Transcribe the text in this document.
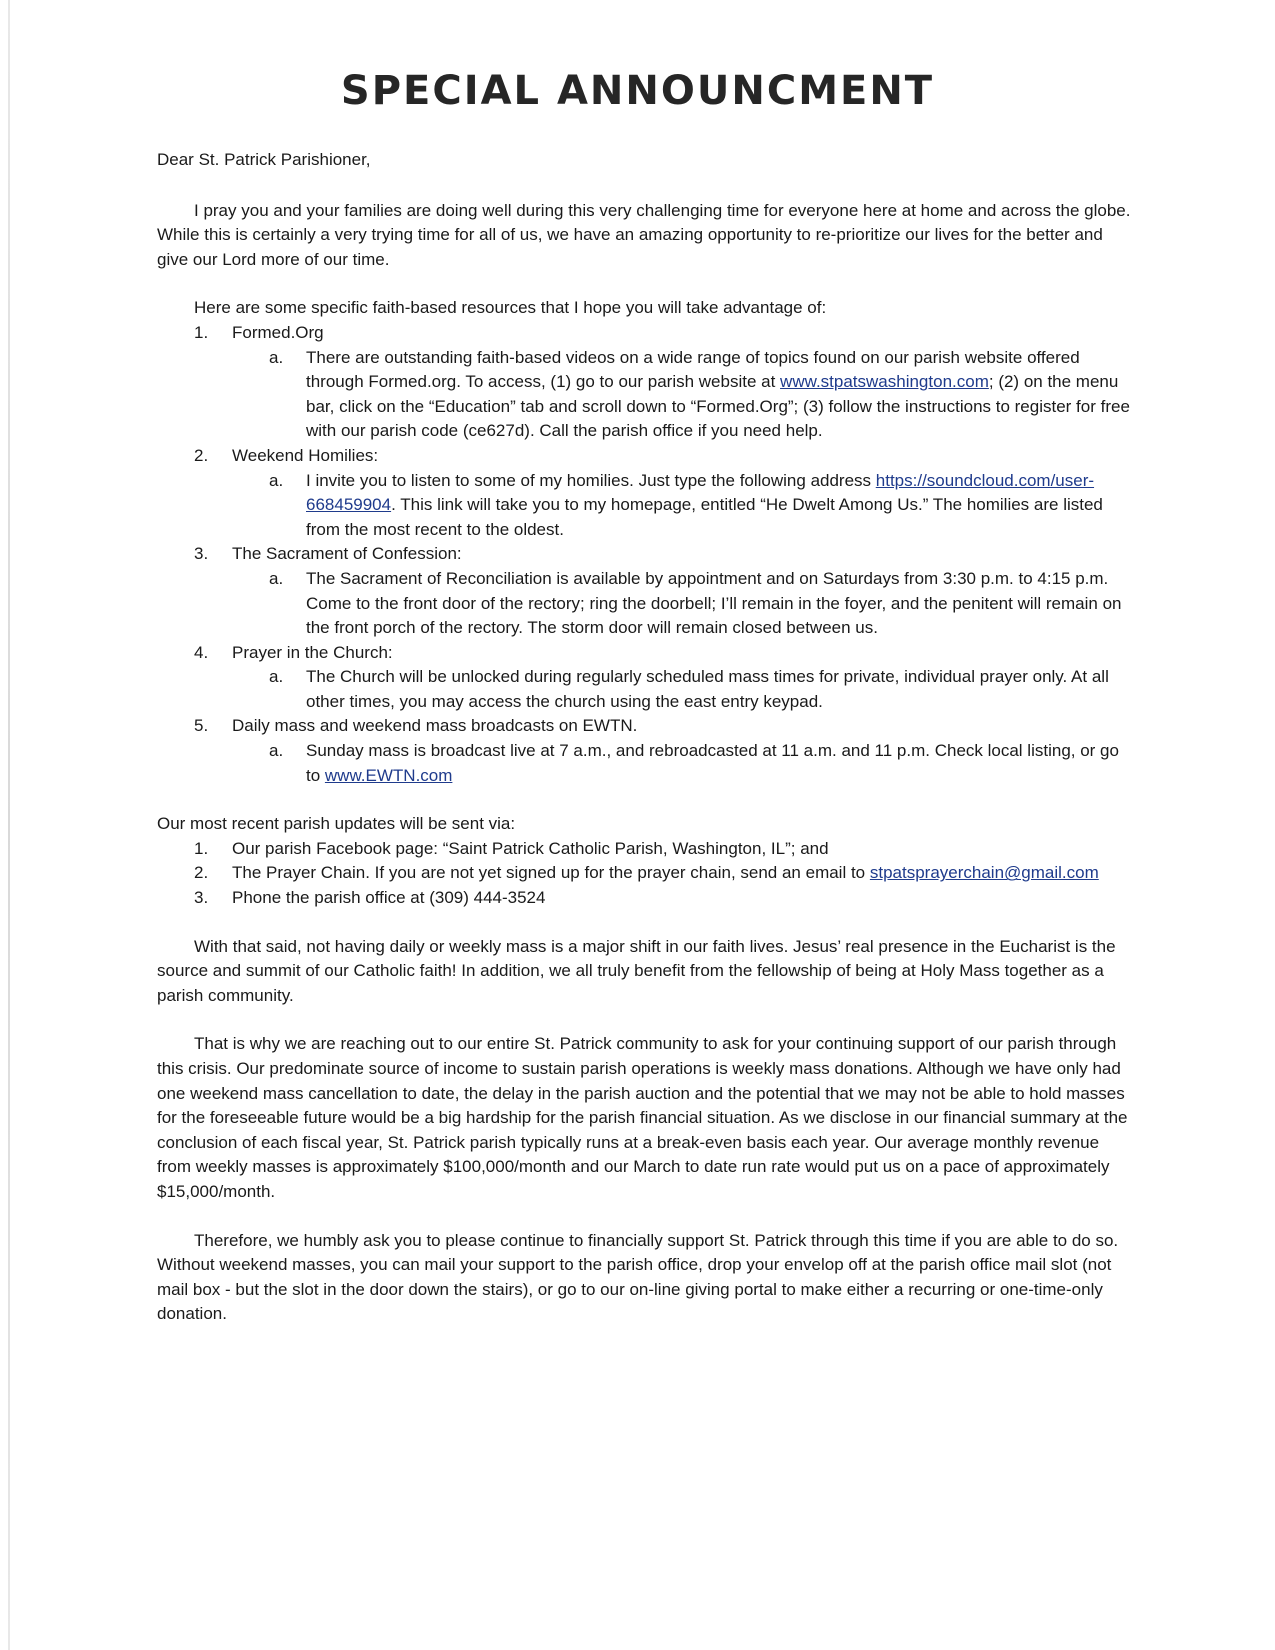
SPECIAL ANNOUNCMENT

Dear St. Patrick Parishioner,

I pray you and your families are doing well during this very challenging time for everyone here at home and across the globe. While this is certainly a very trying time for all of us, we have an amazing opportunity to re-prioritize our lives for the better and give our Lord more of our time.

Here are some specific faith-based resources that I hope you will take advantage of:

1. Formed.Org
a. There are outstanding faith-based videos on a wide range of topics found on our parish website offered through Formed.org. To access, (1) go to our parish website at www.stpatswashington.com; (2) on the menu bar, click on the “Education” tab and scroll down to “Formed.Org”; (3) follow the instructions to register for free with our parish code (ce627d). Call the parish office if you need help.
2. Weekend Homilies:
a. I invite you to listen to some of my homilies. Just type the following address https://soundcloud.com/user-668459904. This link will take you to my homepage, entitled “He Dwelt Among Us.” The homilies are listed from the most recent to the oldest.
3. The Sacrament of Confession:
a. The Sacrament of Reconciliation is available by appointment and on Saturdays from 3:30 p.m. to 4:15 p.m. Come to the front door of the rectory; ring the doorbell; I’ll remain in the foyer, and the penitent will remain on the front porch of the rectory. The storm door will remain closed between us.
4. Prayer in the Church:
a. The Church will be unlocked during regularly scheduled mass times for private, individual prayer only. At all other times, you may access the church using the east entry keypad.
5. Daily mass and weekend mass broadcasts on EWTN.
a. Sunday mass is broadcast live at 7 a.m., and rebroadcasted at 11 a.m. and 11 p.m. Check local listing, or go to www.EWTN.com

Our most recent parish updates will be sent via:

1. Our parish Facebook page: “Saint Patrick Catholic Parish, Washington, IL”; and
2. The Prayer Chain. If you are not yet signed up for the prayer chain, send an email to stpatsprayerchain@gmail.com
3. Phone the parish office at (309) 444-3524

With that said, not having daily or weekly mass is a major shift in our faith lives. Jesus’ real presence in the Eucharist is the source and summit of our Catholic faith! In addition, we all truly benefit from the fellowship of being at Holy Mass together as a parish community.

That is why we are reaching out to our entire St. Patrick community to ask for your continuing support of our parish through this crisis. Our predominate source of income to sustain parish operations is weekly mass donations. Although we have only had one weekend mass cancellation to date, the delay in the parish auction and the potential that we may not be able to hold masses for the foreseeable future would be a big hardship for the parish financial situation. As we disclose in our financial summary at the conclusion of each fiscal year, St. Patrick parish typically runs at a break-even basis each year. Our average monthly revenue from weekly masses is approximately $100,000/month and our March to date run rate would put us on a pace of approximately $15,000/month.

Therefore, we humbly ask you to please continue to financially support St. Patrick through this time if you are able to do so. Without weekend masses, you can mail your support to the parish office, drop your envelop off at the parish office mail slot (not mail box - but the slot in the door down the stairs), or go to our on-line giving portal to make either a recurring or one-time-only donation.
